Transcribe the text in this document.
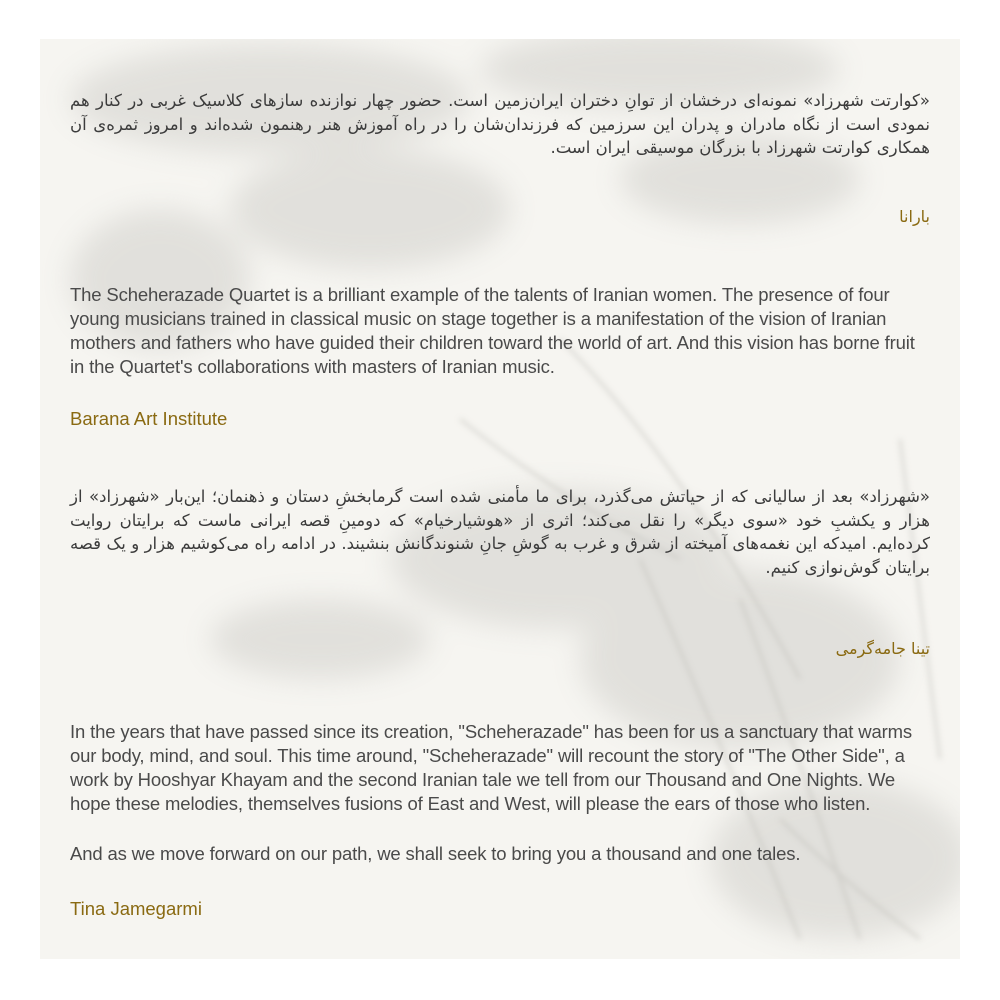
«کوارتت شهرزاد» نمونه‌ای درخشان از توانِ دختران ایران‌زمین است. حضور چهار نوازنده سازهای کلاسیک غربی در کنار هم نمودی است از نگاه مادران و پدران این سرزمین که فرزندان‌شان را در راه آموزش هنر رهنمون شده‌اند و امروز ثمره‌ی آن همکاری کوارتت شهرزاد با بزرگان موسیقی ایران است.

بارانا

The Scheherazade Quartet is a brilliant example of the talents of Iranian women. The presence of four young musicians trained in classical music on stage together is a manifestation of the vision of Iranian mothers and fathers who have guided their children toward the world of art. And this vision has borne fruit in the Quartet's collaborations with masters of Iranian music.

Barana Art Institute

«شهرزاد» بعد از سالیانی که از حیاتش می‌گذرد، برای ما مأمنی شده است گرمابخشِ دستان و ذهنمان؛ این‌بار «شهرزاد» از هزار و یکشبِ خود «سوی دیگر» را نقل می‌کند؛ اثری از «هوشیارخیام» که دومینِ قصه ایرانی ماست که برایتان روایت کرده‌ایم. امیدکه این نغمه‌های آمیخته از شرق و غرب به گوشِ جانِ شنوندگانش بنشیند. در ادامه راه می‌کوشیم هزار و یک قصه برایتان گوش‌نوازی کنیم.

تینا جامه‌گرمی

In the years that have passed since its creation, "Scheherazade" has been for us a sanctuary that warms our body, mind, and soul. This time around, "Scheherazade" will recount the story of "The Other Side", a work by Hooshyar Khayam and the second Iranian tale we tell from our Thousand and One Nights. We hope these melodies, themselves fusions of East and West, will please the ears of those who listen.

And as we move forward on our path, we shall seek to bring you a thousand and one tales.

Tina Jamegarmi
